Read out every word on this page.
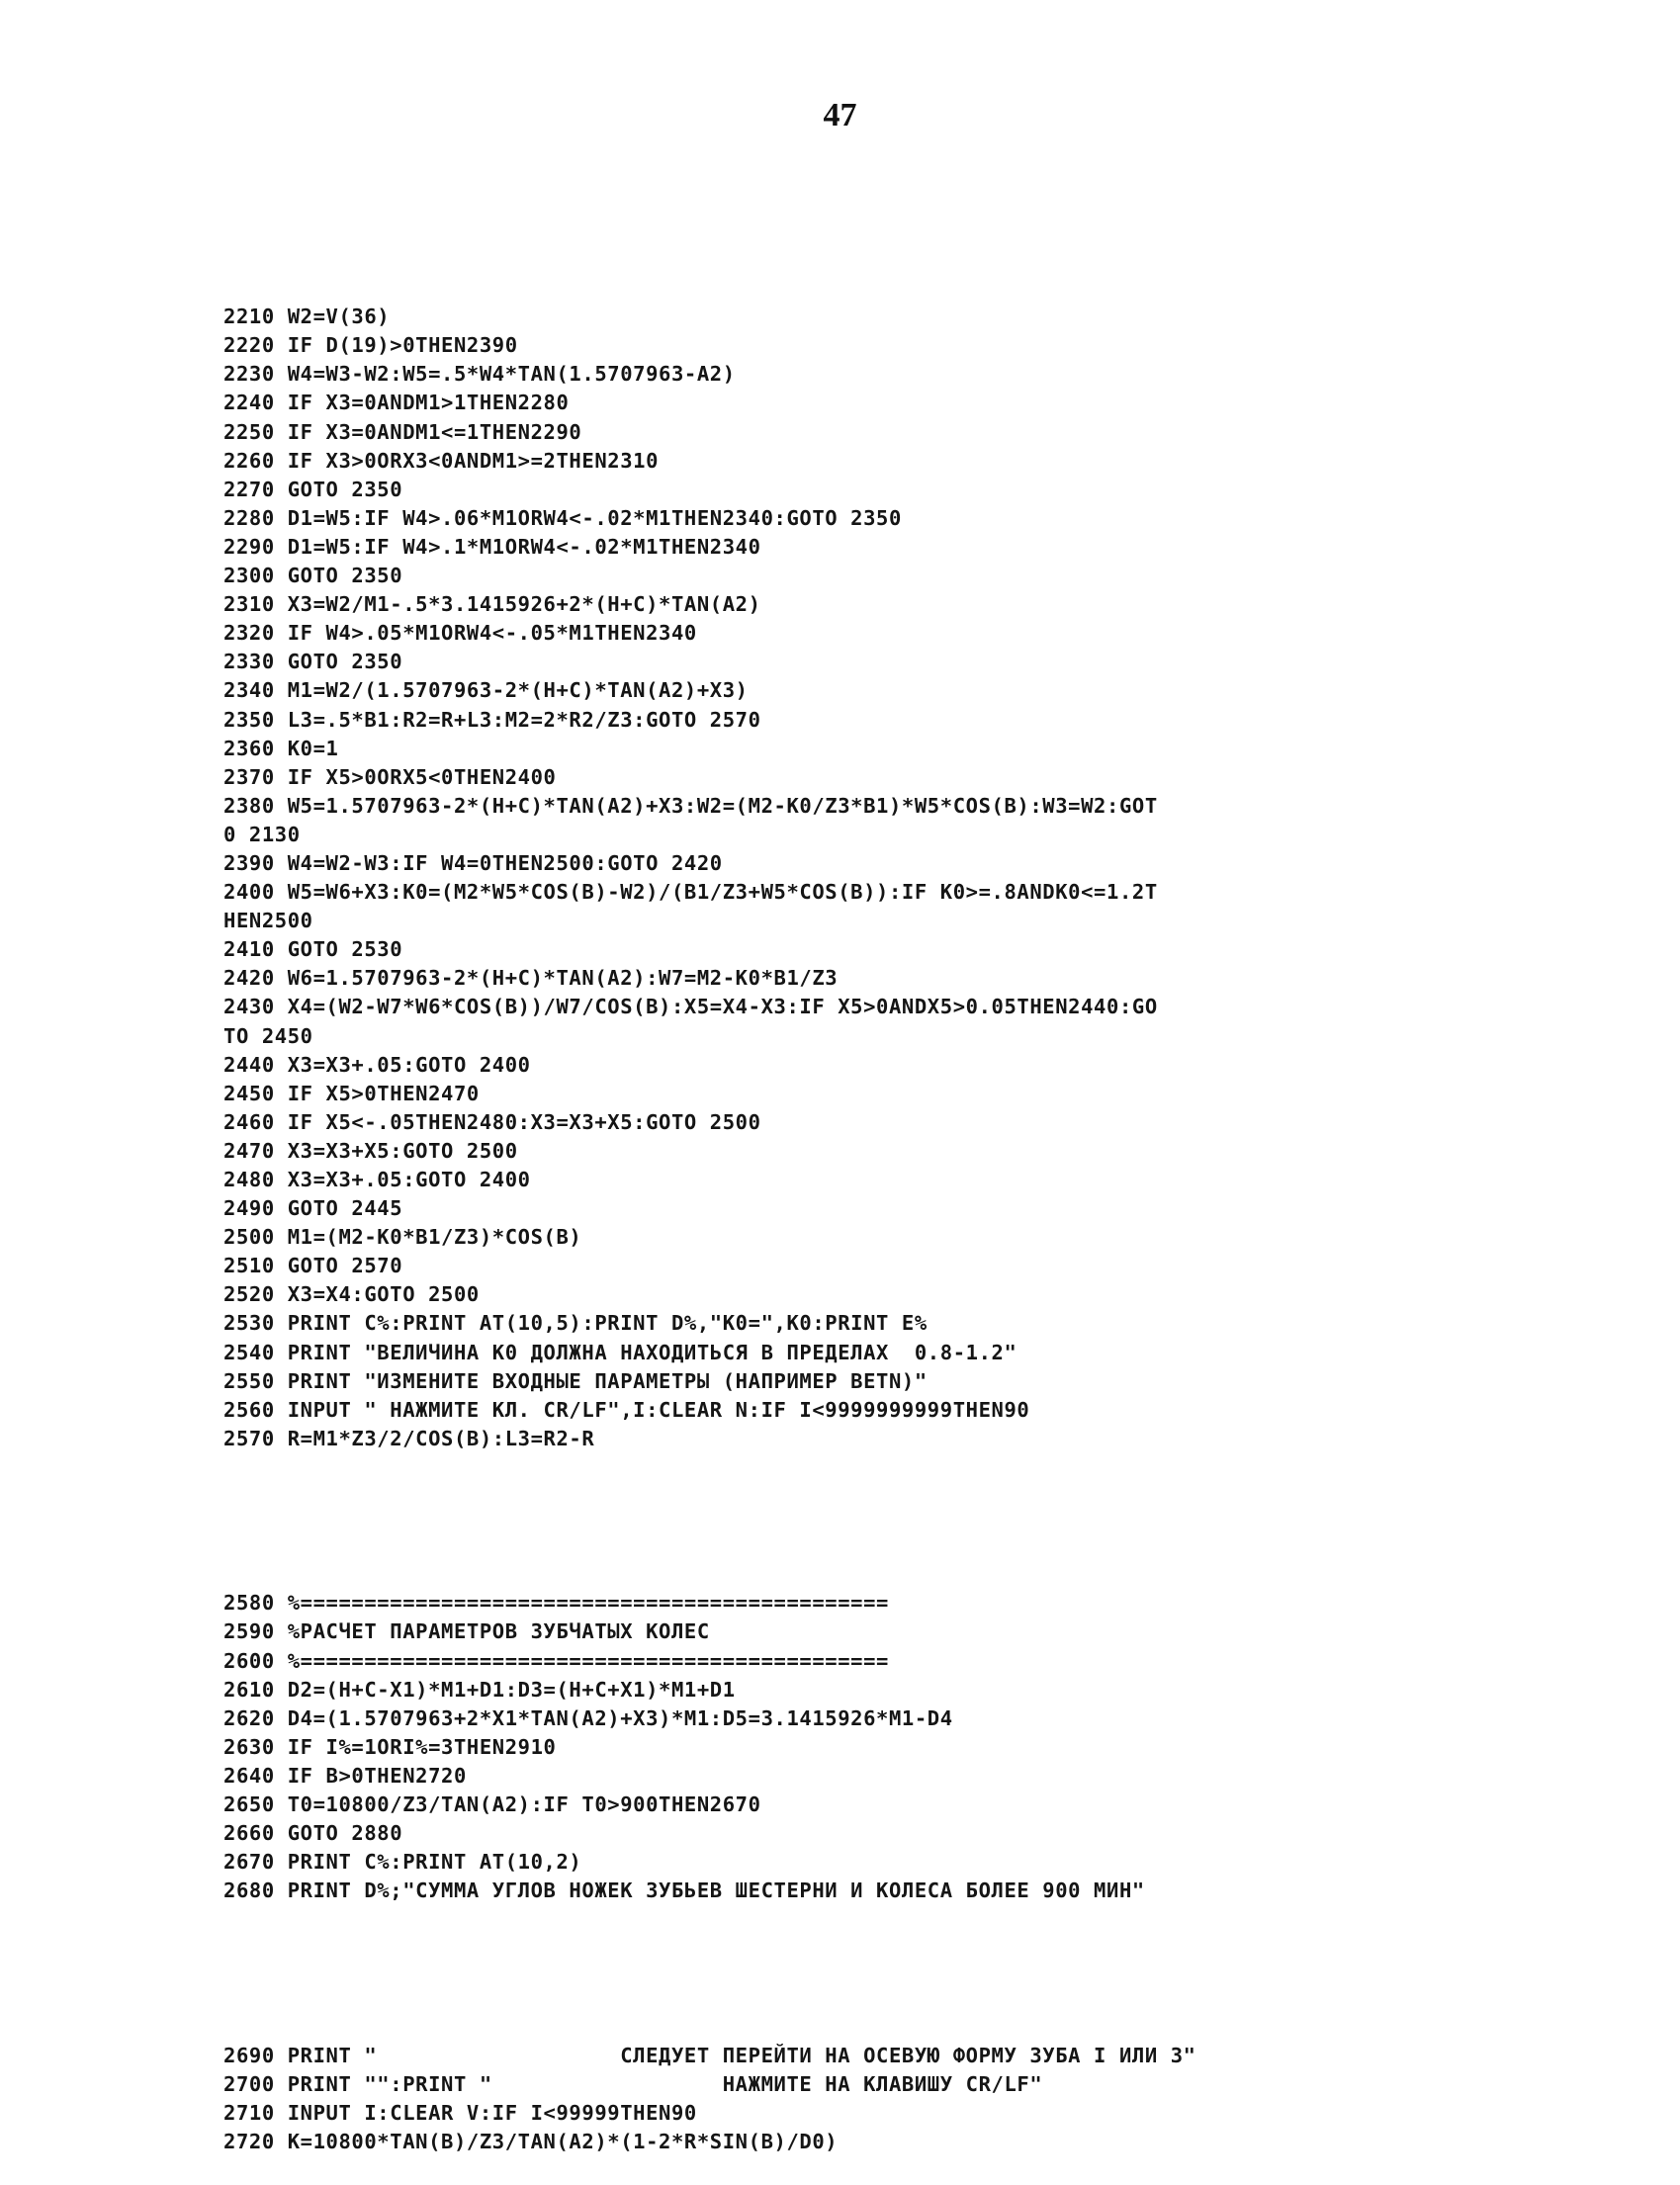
47

2210 W2=V(36)
2220 IF D(19)>0THEN2390
2230 W4=W3-W2:W5=.5*W4*TAN(1.5707963-A2)
2240 IF X3=0ANDM1>1THEN2280
2250 IF X3=0ANDM1<=1THEN2290
2260 IF X3>0ORX3<0ANDM1>=2THEN2310
2270 GOTO 2350
2280 D1=W5:IF W4>.06*M1ORW4<-.02*M1THEN2340:GOTO 2350
2290 D1=W5:IF W4>.1*M1ORW4<-.02*M1THEN2340
2300 GOTO 2350
2310 X3=W2/M1-.5*3.1415926+2*(H+C)*TAN(A2)
2320 IF W4>.05*M1ORW4<-.05*M1THEN2340
2330 GOTO 2350
2340 M1=W2/(1.5707963-2*(H+C)*TAN(A2)+X3)
2350 L3=.5*B1:R2=R+L3:M2=2*R2/Z3:GOTO 2570
2360 K0=1
2370 IF X5>0ORX5<0THEN2400
2380 W5=1.5707963-2*(H+C)*TAN(A2)+X3:W2=(M2-K0/Z3*B1)*W5*COS(B):W3=W2:GOT
0 2130
2390 W4=W2-W3:IF W4=0THEN2500:GOTO 2420
2400 W5=W6+X3:K0=(M2*W5*COS(B)-W2)/(B1/Z3+W5*COS(B)):IF K0>=.8ANDK0<=1.2T
HEN2500
2410 GOTO 2530
2420 W6=1.5707963-2*(H+C)*TAN(A2):W7=M2-K0*B1/Z3
2430 X4=(W2-W7*W6*COS(B))/W7/COS(B):X5=X4-X3:IF X5>0ANDX5>0.05THEN2440:GO
TO 2450
2440 X3=X3+.05:GOTO 2400
2450 IF X5>0THEN2470
2460 IF X5<-.05THEN2480:X3=X3+X5:GOTO 2500
2470 X3=X3+X5:GOTO 2500
2480 X3=X3+.05:GOTO 2400
2490 GOTO 2445
2500 M1=(M2-K0*B1/Z3)*COS(B)
2510 GOTO 2570
2520 X3=X4:GOTO 2500
2530 PRINT C%:PRINT AT(10,5):PRINT D%,"K0=",K0:PRINT E%
2540 PRINT "ВЕЛИЧИНА K0 ДОЛЖНА НАХОДИТЬСЯ В ПРЕДЕЛАХ  0.8-1.2"
2550 PRINT "ИЗМЕНИТЕ ВХОДНЫЕ ПАРАМЕТРЫ (НАПРИМЕР BETN)"
2560 INPUT " НАЖМИТЕ КЛ. CR/LF",I:CLEAR N:IF I<9999999999THEN90
2570 R=M1*Z3/2/COS(B):L3=R2-R

2580 %==============================================
2590 %РАСЧЕТ ПАРАМЕТРОВ ЗУБЧАТЫХ КОЛЕС
2600 %==============================================
2610 D2=(H+C-X1)*M1+D1:D3=(H+C+X1)*M1+D1
2620 D4=(1.5707963+2*X1*TAN(A2)+X3)*M1:D5=3.1415926*M1-D4
2630 IF I%=1ORI%=3THEN2910
2640 IF B>0THEN2720
2650 T0=10800/Z3/TAN(A2):IF T0>900THEN2670
2660 GOTO 2880
2670 PRINT C%:PRINT AT(10,2)
2680 PRINT D%;"СУММА УГЛОВ НОЖЕК ЗУБЬЕВ ШЕСТЕРНИ И КОЛЕСА БОЛЕЕ 900 МИН"

2690 PRINT "                   СЛЕДУЕТ ПЕРЕЙТИ НА ОСЕВУЮ ФОРМУ ЗУБА I ИЛИ 3"
2700 PRINT "":PRINT "                  НАЖМИТЕ НА КЛАВИШУ CR/LF"
2710 INPUT I:CLEAR V:IF I<99999THEN90
2720 K=10800*TAN(B)/Z3/TAN(A2)*(1-2*R*SIN(B)/D0)
